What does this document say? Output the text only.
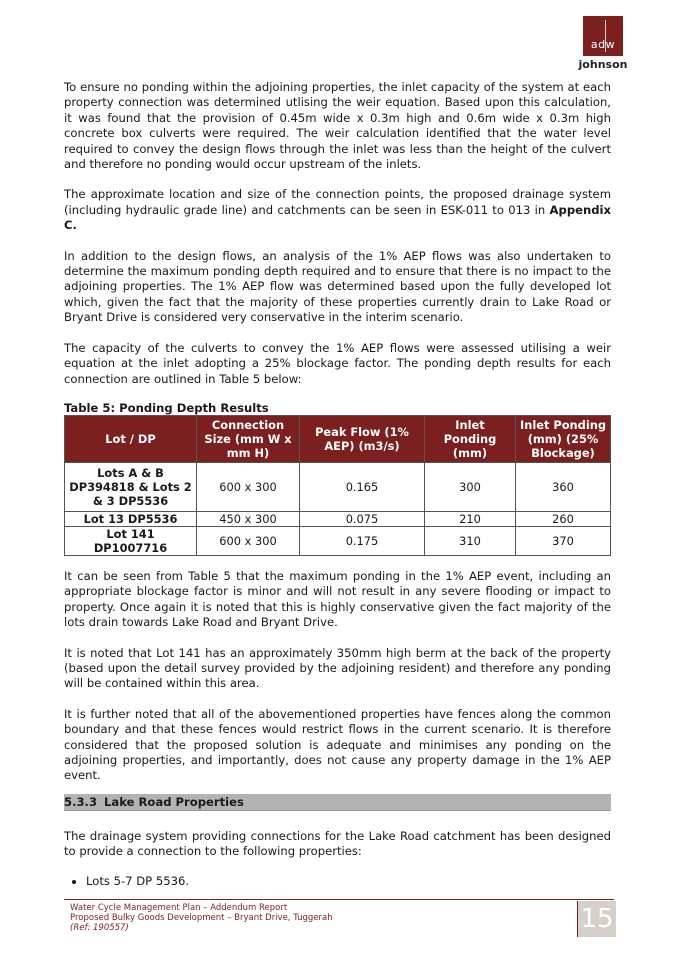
adw
johnson

To ensure no ponding within the adjoining properties, the inlet capacity of the system at each property connection was determined utlising the weir equation. Based upon this calculation, it was found that the provision of 0.45m wide x 0.3m high and 0.6m wide x 0.3m high concrete box culverts were required. The weir calculation identified that the water level required to convey the design flows through the inlet was less than the height of the culvert and therefore no ponding would occur upstream of the inlets.

The approximate location and size of the connection points, the proposed drainage system (including hydraulic grade line) and catchments can be seen in ESK-011 to 013 in Appendix C.

In addition to the design flows, an analysis of the 1% AEP flows was also undertaken to determine the maximum ponding depth required and to ensure that there is no impact to the adjoining properties. The 1% AEP flow was determined based upon the fully developed lot which, given the fact that the majority of these properties currently drain to Lake Road or Bryant Drive is considered very conservative in the interim scenario.

The capacity of the culverts to convey the 1% AEP flows were assessed utilising a weir equation at the inlet adopting a 25% blockage factor. The ponding depth results for each connection are outlined in Table 5 below:

Table 5: Ponding Depth Results
Lot / DP	Connection Size (mm W x mm H)	Peak Flow (1% AEP) (m3/s)	Inlet Ponding (mm)	Inlet Ponding (mm) (25% Blockage)
Lots A & B DP394818 & Lots 2 & 3 DP5536	600 x 300	0.165	300	360
Lot 13 DP5536	450 x 300	0.075	210	260
Lot 141 DP1007716	600 x 300	0.175	310	370

It can be seen from Table 5 that the maximum ponding in the 1% AEP event, including an appropriate blockage factor is minor and will not result in any severe flooding or impact to property. Once again it is noted that this is highly conservative given the fact majority of the lots drain towards Lake Road and Bryant Drive.

It is noted that Lot 141 has an approximately 350mm high berm at the back of the property (based upon the detail survey provided by the adjoining resident) and therefore any ponding will be contained within this area.

It is further noted that all of the abovementioned properties have fences along the common boundary and that these fences would restrict flows in the current scenario. It is therefore considered that the proposed solution is adequate and minimises any ponding on the adjoining properties, and importantly, does not cause any property damage in the 1% AEP event.

5.3.3 Lake Road Properties

The drainage system providing connections for the Lake Road catchment has been designed to provide a connection to the following properties:

• Lots 5-7 DP 5536.
Water Cycle Management Plan – Addendum Report
Proposed Bulky Goods Development – Bryant Drive, Tuggerah
(Ref: 190557)	15
